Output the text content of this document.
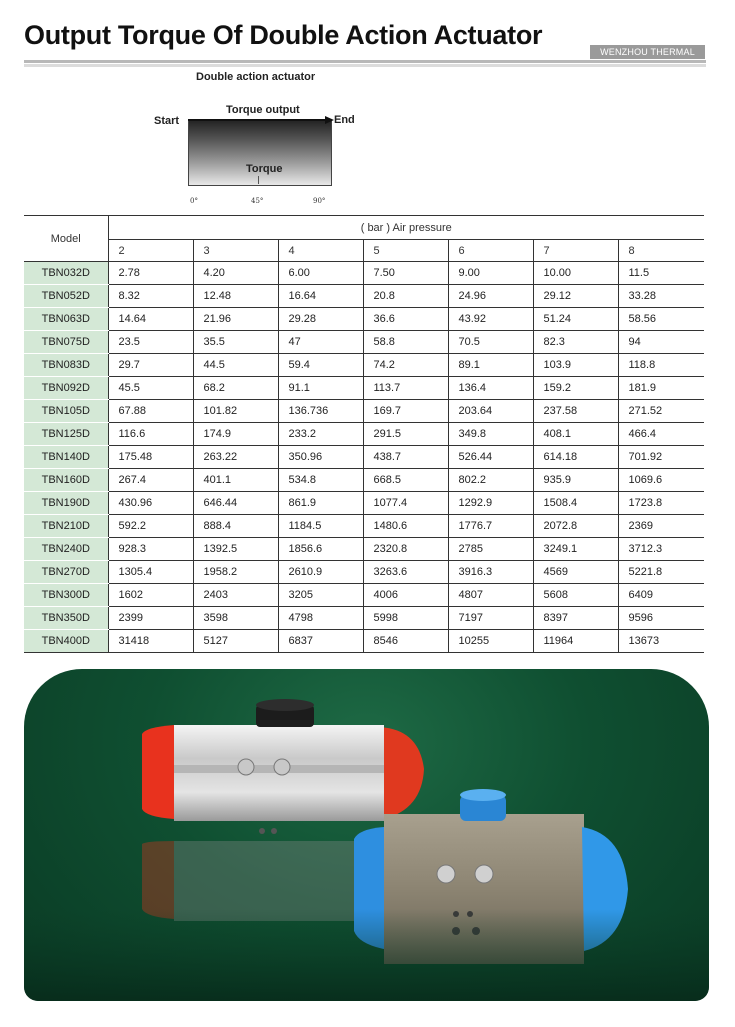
Output Torque Of Double Action Actuator
WENZHOU THERMAL
Double action actuator
Start
Torque output
End
Torque
0°	45°	90°
Model	( bar ) Air pressure						
	2	3	4	5	6	7	8
TBN032D	2.78	4.20	6.00	7.50	9.00	10.00	11.5
TBN052D	8.32	12.48	16.64	20.8	24.96	29.12	33.28
TBN063D	14.64	21.96	29.28	36.6	43.92	51.24	58.56
TBN075D	23.5	35.5	47	58.8	70.5	82.3	94
TBN083D	29.7	44.5	59.4	74.2	89.1	103.9	118.8
TBN092D	45.5	68.2	91.1	113.7	136.4	159.2	181.9
TBN105D	67.88	101.82	136.736	169.7	203.64	237.58	271.52
TBN125D	116.6	174.9	233.2	291.5	349.8	408.1	466.4
TBN140D	175.48	263.22	350.96	438.7	526.44	614.18	701.92
TBN160D	267.4	401.1	534.8	668.5	802.2	935.9	1069.6
TBN190D	430.96	646.44	861.9	1077.4	1292.9	1508.4	1723.8
TBN210D	592.2	888.4	1184.5	1480.6	1776.7	2072.8	2369
TBN240D	928.3	1392.5	1856.6	2320.8	2785	3249.1	3712.3
TBN270D	1305.4	1958.2	2610.9	3263.6	3916.3	4569	5221.8
TBN300D	1602	2403	3205	4006	4807	5608	6409
TBN350D	2399	3598	4798	5998	7197	8397	9596
TBN400D	31418	5127	6837	8546	10255	11964	13673
